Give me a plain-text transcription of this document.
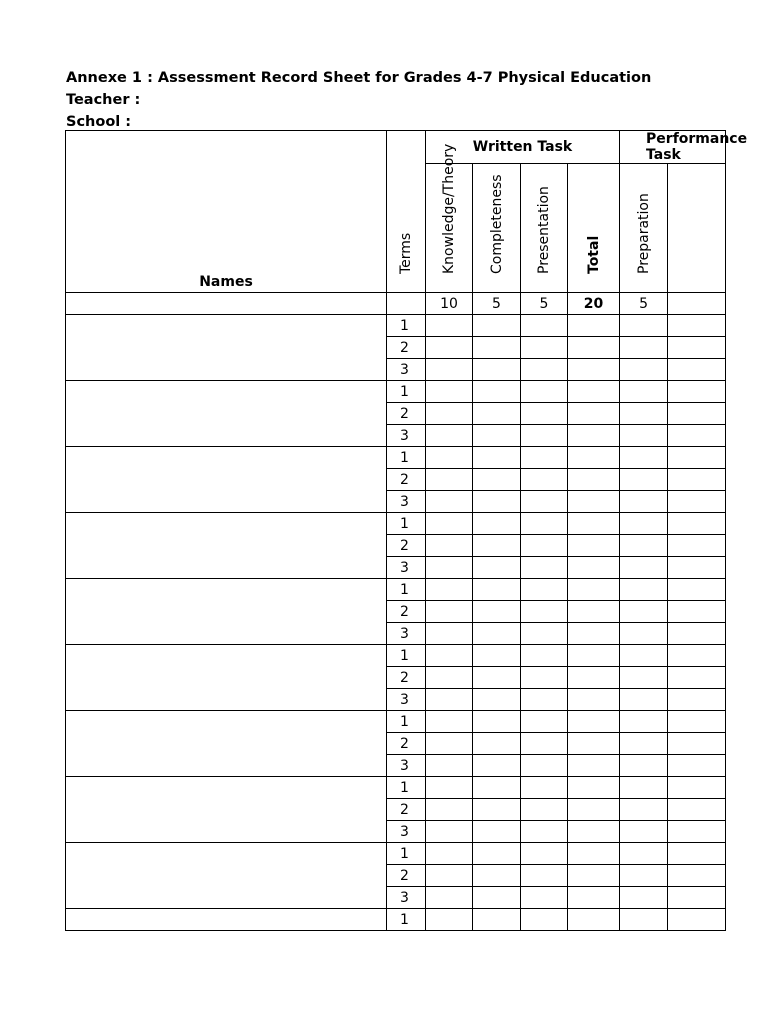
Annexe 1 : Assessment Record Sheet for Grades 4-7 Physical Education
Teacher :
School :
Names	Terms	Written Task				Performance Task	

		Knowledge/Theory	Completeness	Presentation	Total	Preparation	

		10	5	5	20	5	
	1						
	2						
	3						
	1						
	2						
	3						
	1						
	2						
	3						
	1						
	2						
	3						
	1						
	2						
	3						
	1						
	2						
	3						
	1						
	2						
	3						
	1						
	2						
	3						
	1						
	2						
	3						
	1						
